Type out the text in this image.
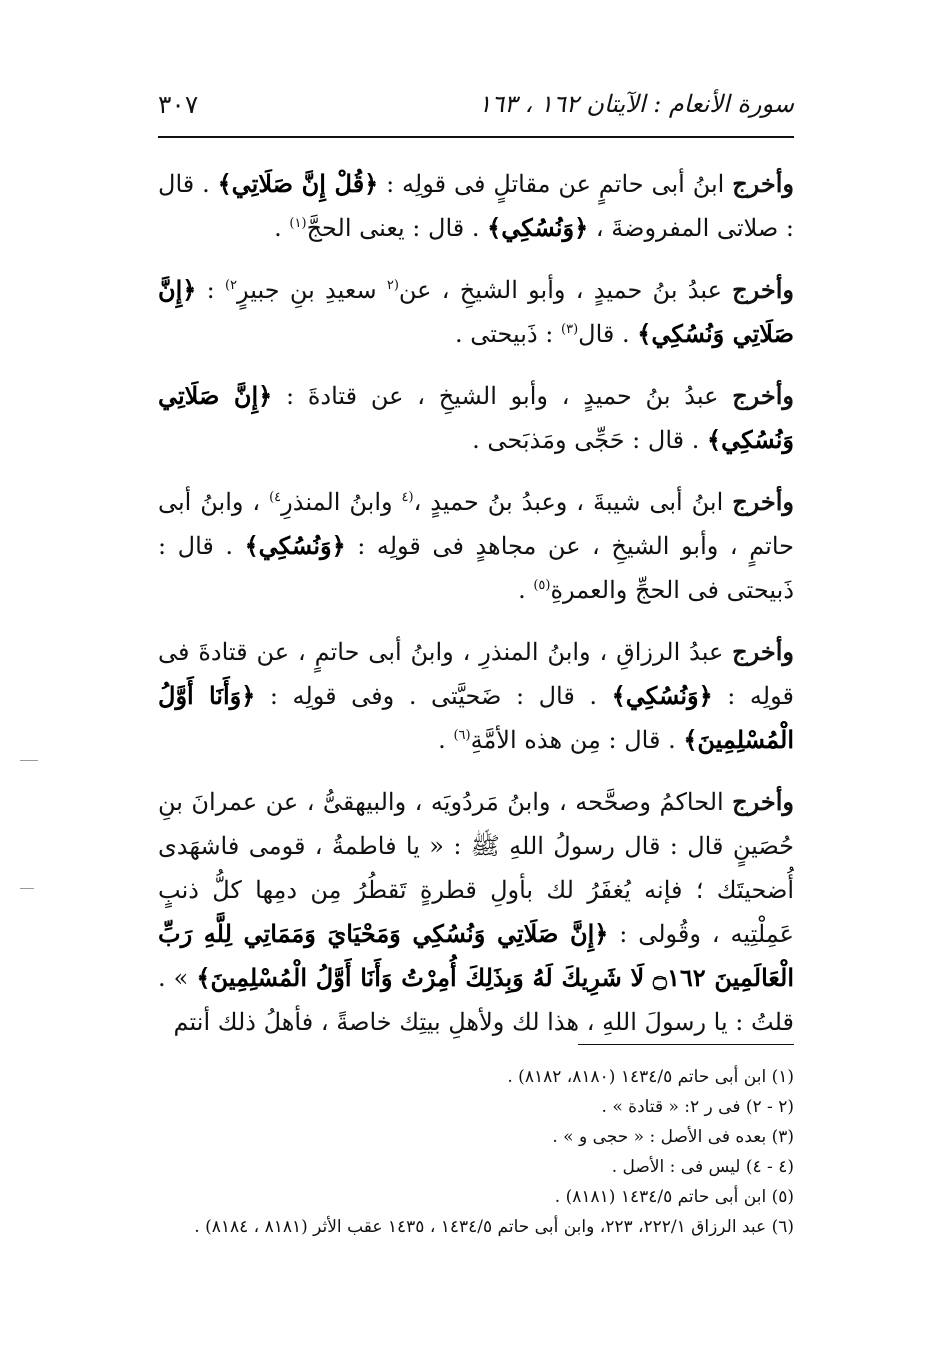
سورة الأنعام : الآيتان ١٦٢ ، ١٦٣
٣٠٧

وأخرج ابنُ أبى حاتمٍ عن مقاتلٍ فى قولِه : ﴿قُلْ إِنَّ صَلَاتِي﴾ . قال : صلاتى المفروضةَ ، ﴿وَنُسُكِي﴾ . قال : يعنى الحجَّ$^{(١)}$ .

وأخرج عبدُ بنُ حميدٍ ، وأبو الشيخِ ، عن$^{(٢}$ سعيدِ بنِ جبيرٍ$^{٢)}$ : ﴿إِنَّ صَلَاتِي وَنُسُكِي﴾ . قال$^{(٣)}$ : ذَبيحتى .

وأخرج عبدُ بنُ حميدٍ ، وأبو الشيخِ ، عن قتادةَ : ﴿إِنَّ صَلَاتِي وَنُسُكِي﴾ . قال : حَجِّى ومَذبَحى .

وأخرج ابنُ أبى شيبةَ ، وعبدُ بنُ حميدٍ ،$^{(٤}$ وابنُ المنذرِ$^{٤)}$ ، وابنُ أبى حاتمٍ ، وأبو الشيخِ ، عن مجاهدٍ فى قولِه : ﴿وَنُسُكِي﴾ . قال : ذَبيحتى فى الحجِّ والعمرةِ$^{(٥)}$ .

وأخرج عبدُ الرزاقِ ، وابنُ المنذرِ ، وابنُ أبى حاتمٍ ، عن قتادةَ فى قولِه : ﴿وَنُسُكِي﴾ . قال : ضَحيَّتى . وفى قولِه : ﴿وَأَنَا أَوَّلُ الْمُسْلِمِينَ﴾ . قال : مِن هذه الأمَّةِ$^{(٦)}$ .

وأخرج الحاكمُ وصحَّحه ، وابنُ مَردُويَه ، والبيهقىُّ ، عن عمرانَ بنِ حُصَينٍ قال : قال رسولُ اللهِ ﷺ : « يا فاطمةُ ، قومى فاشهَدى أُضحيتَك ؛ فإنه يُغفَرُ لك بأولِ قطرةٍ تَقطُرُ مِن دمِها كلُّ ذنبٍ عَمِلْتِيه ، وقُولى : ﴿إِنَّ صَلَاتِي وَنُسُكِي وَمَحْيَايَ وَمَمَاتِي لِلَّهِ رَبِّ الْعَالَمِينَ ۝١٦٢ لَا شَرِيكَ لَهُ وَبِذَلِكَ أُمِرْتُ وَأَنَا أَوَّلُ الْمُسْلِمِينَ﴾ » . قلتُ : يا رسولَ اللهِ ، هذا لك ولأهلِ بيتِك خاصةً ، فأهلُ ذلك أنتم

(١) ابن أبى حاتم ١٤٣٤/٥ (٨١٨٠، ٨١٨٢) .

(٢ - ٢) فى ر ٢: « قتادة » .

(٣) بعده فى الأصل : « حجى و » .

(٤ - ٤) ليس فى : الأصل .

(٥) ابن أبى حاتم ١٤٣٤/٥ (٨١٨١) .

(٦) عبد الرزاق ٢٢٢/١، ٢٢٣، وابن أبى حاتم ١٤٣٤/٥ ، ١٤٣٥ عقب الأثر (٨١٨١ ، ٨١٨٤) .
